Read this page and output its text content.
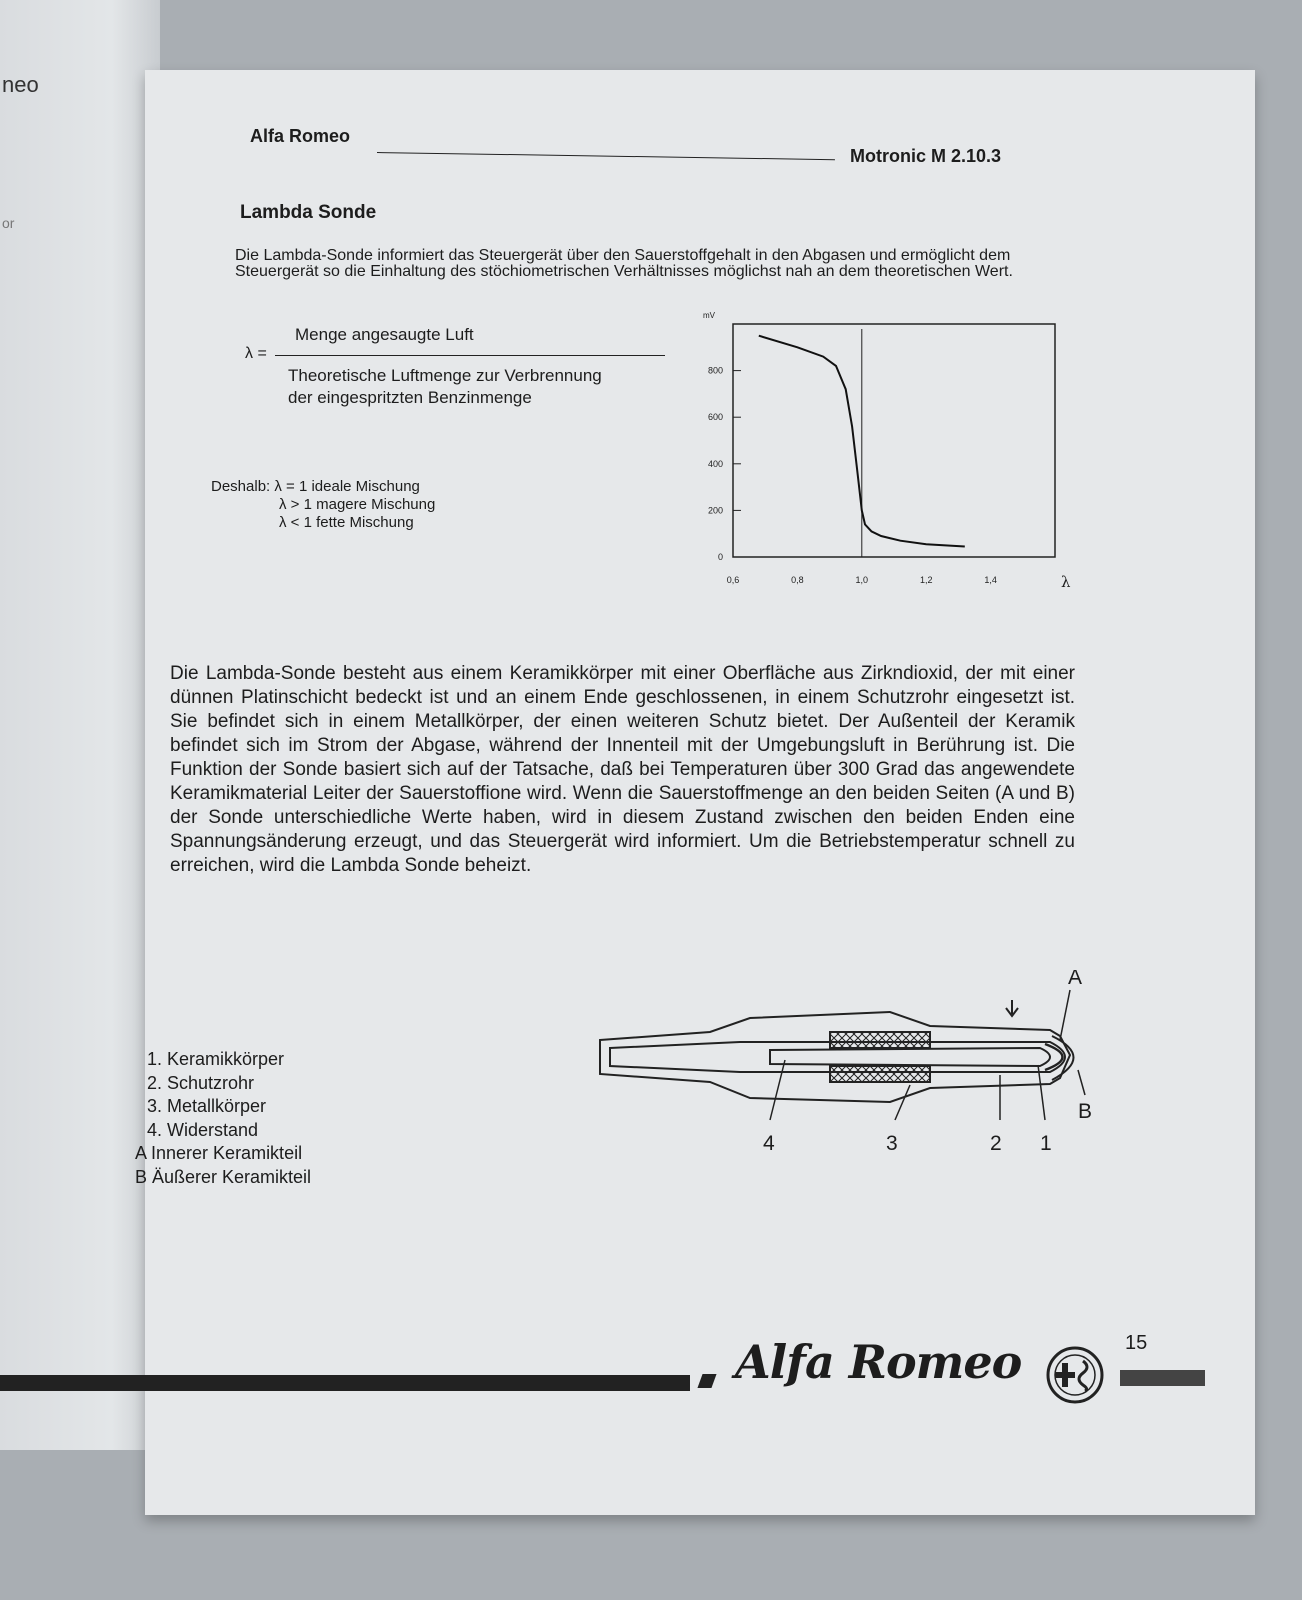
neo
or
Alfa Romeo
Motronic M 2.10.3
Lambda Sonde
Die Lambda-Sonde informiert das Steuergerät über den Sauerstoffgehalt in den Abgasen und ermöglicht dem Steuergerät so die Einhaltung des stöchiometrischen Verhältnisses möglichst nah an dem theoretischen Wert.
λ =
Menge angesaugte Luft
Theoretische Luftmenge zur Verbrennung
der eingespritzten Benzinmenge
Deshalb: λ = 1 ideale Mischung
λ > 1 magere Mischung
λ < 1 fette Mischung
mV
0
200
400
600
800
0,6	0,8	1,0	1,2	1,4	λ
Die Lambda-Sonde besteht aus einem Keramikkörper mit einer Oberfläche aus Zirkndioxid, der mit einer dünnen Platinschicht bedeckt ist und an einem Ende geschlossenen, in einem Schutzrohr eingesetzt ist. Sie befindet sich in einem Metallkörper, der einen weiteren Schutz bietet. Der Außenteil der Keramik befindet sich im Strom der Abgase, während der Innenteil mit der Umgebungsluft in Berührung ist. Die Funktion der Sonde basiert sich auf der Tatsache, daß bei Temperaturen über 300 Grad das angewendete Keramikmaterial Leiter der Sauerstoffione wird. Wenn die Sauerstoffmenge an den beiden Seiten (A und B) der Sonde unterschiedliche Werte haben, wird in diesem Zustand zwischen den beiden Enden eine Spannungsänderung erzeugt, und das Steuergerät wird informiert. Um die Betriebstemperatur schnell zu erreichen, wird die Lambda Sonde beheizt.
1. Keramikkörper
2. Schutzrohr
3. Metallkörper
4. Widerstand
A Innerer Keramikteil
B Äußerer Keramikteil
A
B
1
2
3
4
15
Alfa Romeo
